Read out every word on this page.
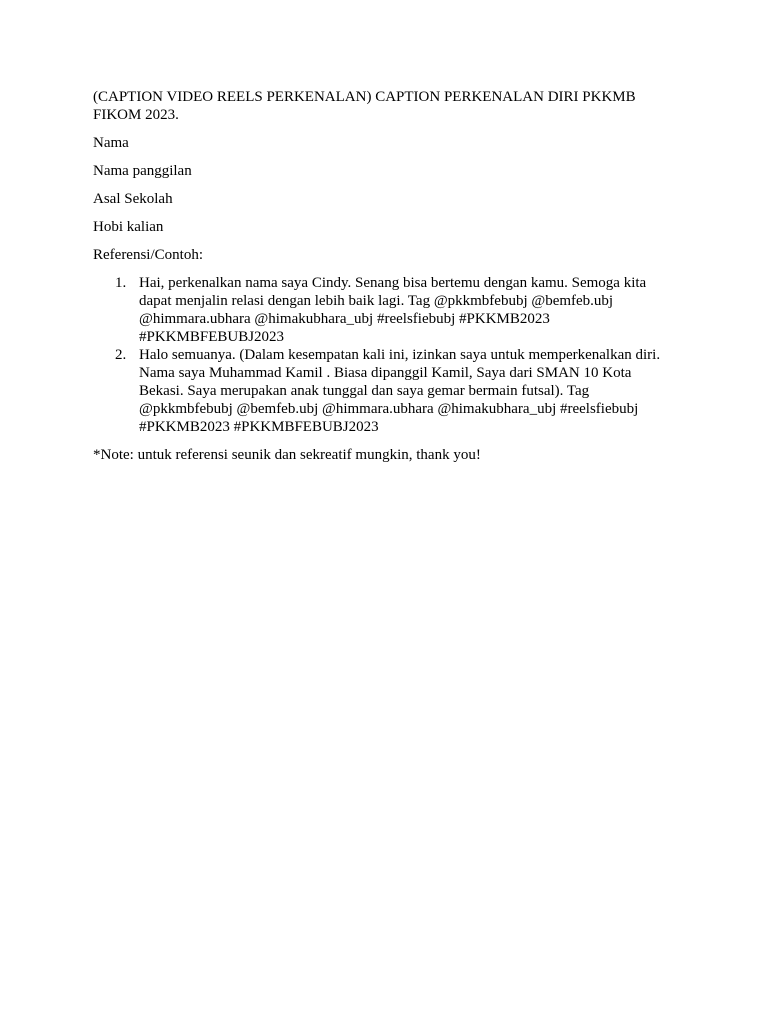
(CAPTION VIDEO REELS PERKENALAN) CAPTION PERKENALAN DIRI PKKMB FIKOM 2023.

Nama

Nama panggilan

Asal Sekolah

Hobi kalian

Referensi/Contoh:

1. Hai, perkenalkan nama saya Cindy. Senang bisa bertemu dengan kamu. Semoga kita dapat menjalin relasi dengan lebih baik lagi. Tag @pkkmbfebubj @bemfeb.ubj @himmara.ubhara @himakubhara_ubj #reelsfiebubj #PKKMB2023 #PKKMBFEBUBJ2023
2. Halo semuanya. (Dalam kesempatan kali ini, izinkan saya untuk memperkenalkan diri. Nama saya Muhammad Kamil . Biasa dipanggil Kamil, Saya dari SMAN 10 Kota Bekasi. Saya merupakan anak tunggal dan saya gemar bermain futsal). Tag @pkkmbfebubj @bemfeb.ubj @himmara.ubhara @himakubhara_ubj #reelsfiebubj #PKKMB2023 #PKKMBFEBUBJ2023

*Note: untuk referensi seunik dan sekreatif mungkin, thank you!
